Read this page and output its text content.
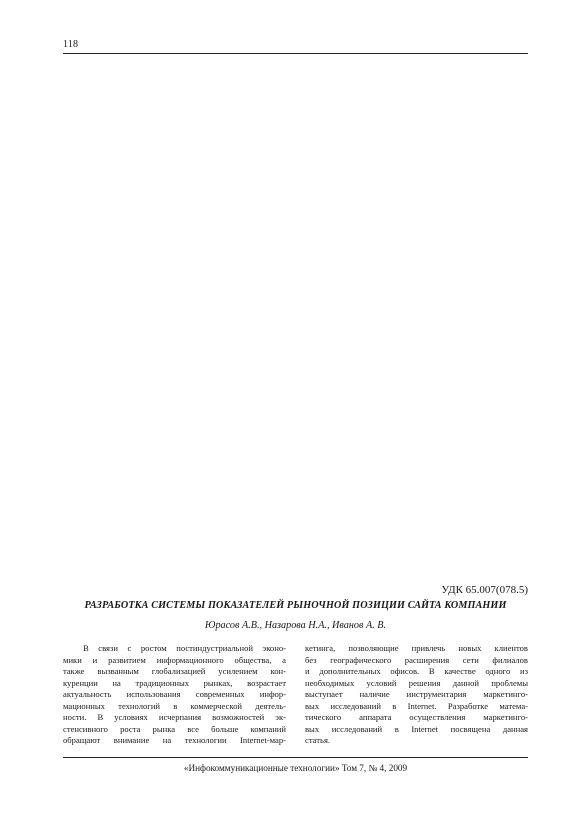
118
УДК 65.007(078.5)
РАЗРАБОТКА СИСТЕМЫ ПОКАЗАТЕЛЕЙ РЫНОЧНОЙ ПОЗИЦИИ САЙТА КОМПАНИИ
Юрасов А.В., Назарова Н.А., Иванов А. В.
В связи с ростом постиндустриальной эконо-
мики и развитием информационного общества, а
также вызванным глобализацией усилением кон-
куренции на традиционных рынках, возрастает
актуальность использования современных инфор-
мационных технологий в коммерческой деятель-
ности. В условиях исчерпания возможностей эк-
стенсивного роста рынка все больше компаний
обращают внимание на технологии Internet-мар-
кетинга, позволяющие привлечь новых клиентов
без географического расширения сети филиалов
и дополнительных офисов. В качестве одного из
необходимых условий решения данной проблемы
выступает наличие инструментария маркетинго-
вых исследований в Internet. Разработке матема-
тического аппарата осуществления маркетинго-
вых исследований в Internet посвящена данная
статья.
«Инфокоммуникационные технологии» Том 7, № 4, 2009
